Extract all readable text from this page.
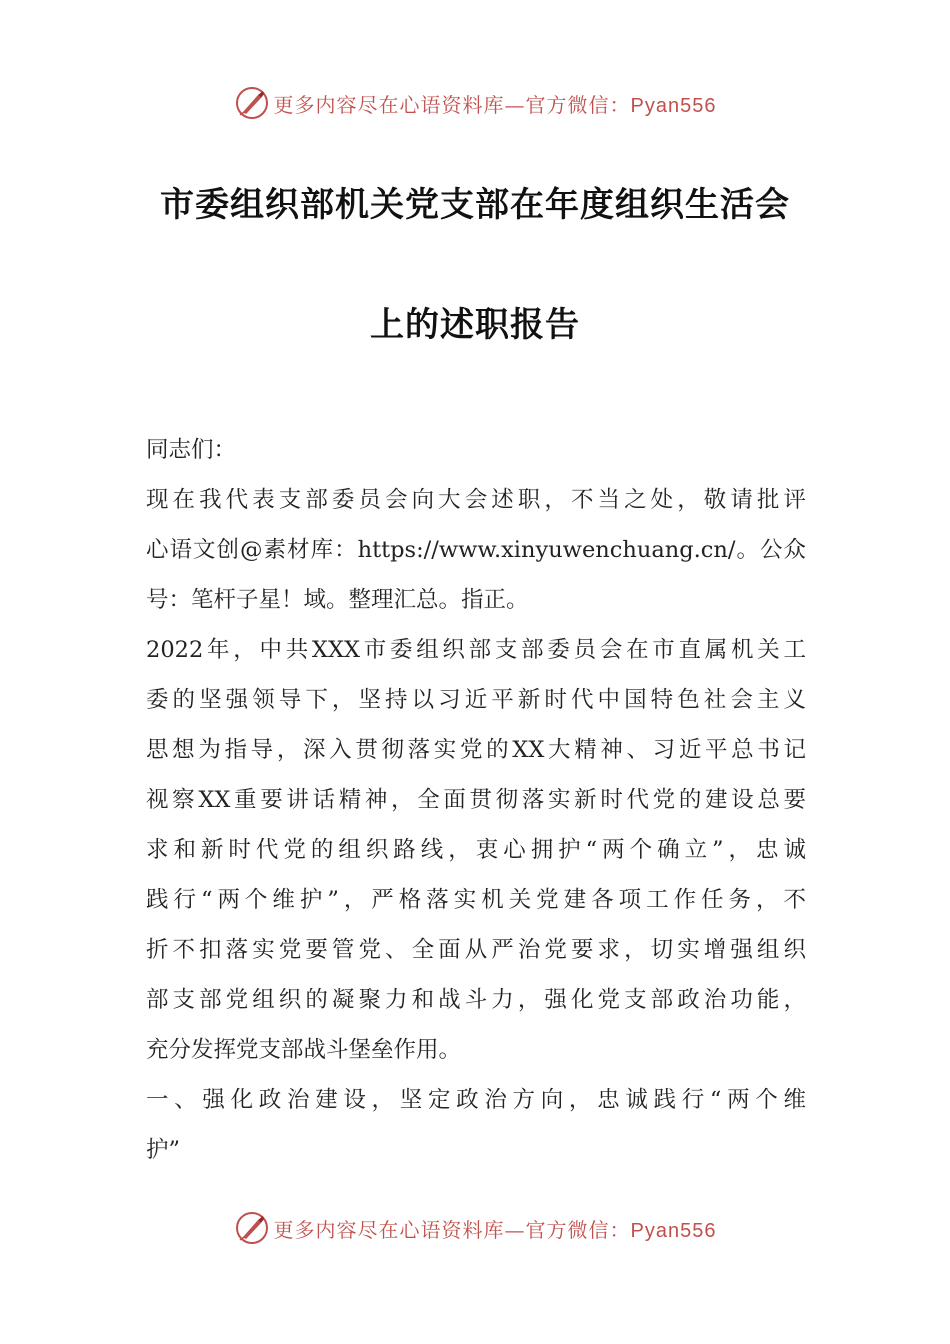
更多内容尽在心语资料库—官方微信：Pyan556
市委组织部机关党支部在年度组织生活会
上的述职报告
同志们：
现在我代表支部委员会向大会述职，不当之处，敬请批评
心语文创@素材库：https://www.xinyuwenchuang.cn/。公众
号：笔杆子星！域。整理汇总。指正。
2022年，中共XXX市委组织部支部委员会在市直属机关工
委的坚强领导下，坚持以习近平新时代中国特色社会主义
思想为指导，深入贯彻落实党的XX大精神、习近平总书记
视察XX重要讲话精神，全面贯彻落实新时代党的建设总要
求和新时代党的组织路线，衷心拥护“两个确立”，忠诚
践行“两个维护”，严格落实机关党建各项工作任务，不
折不扣落实党要管党、全面从严治党要求，切实增强组织
部支部党组织的凝聚力和战斗力，强化党支部政治功能，
充分发挥党支部战斗堡垒作用。
一、强化政治建设，坚定政治方向，忠诚践行“两个维
护”
更多内容尽在心语资料库—官方微信：Pyan556
